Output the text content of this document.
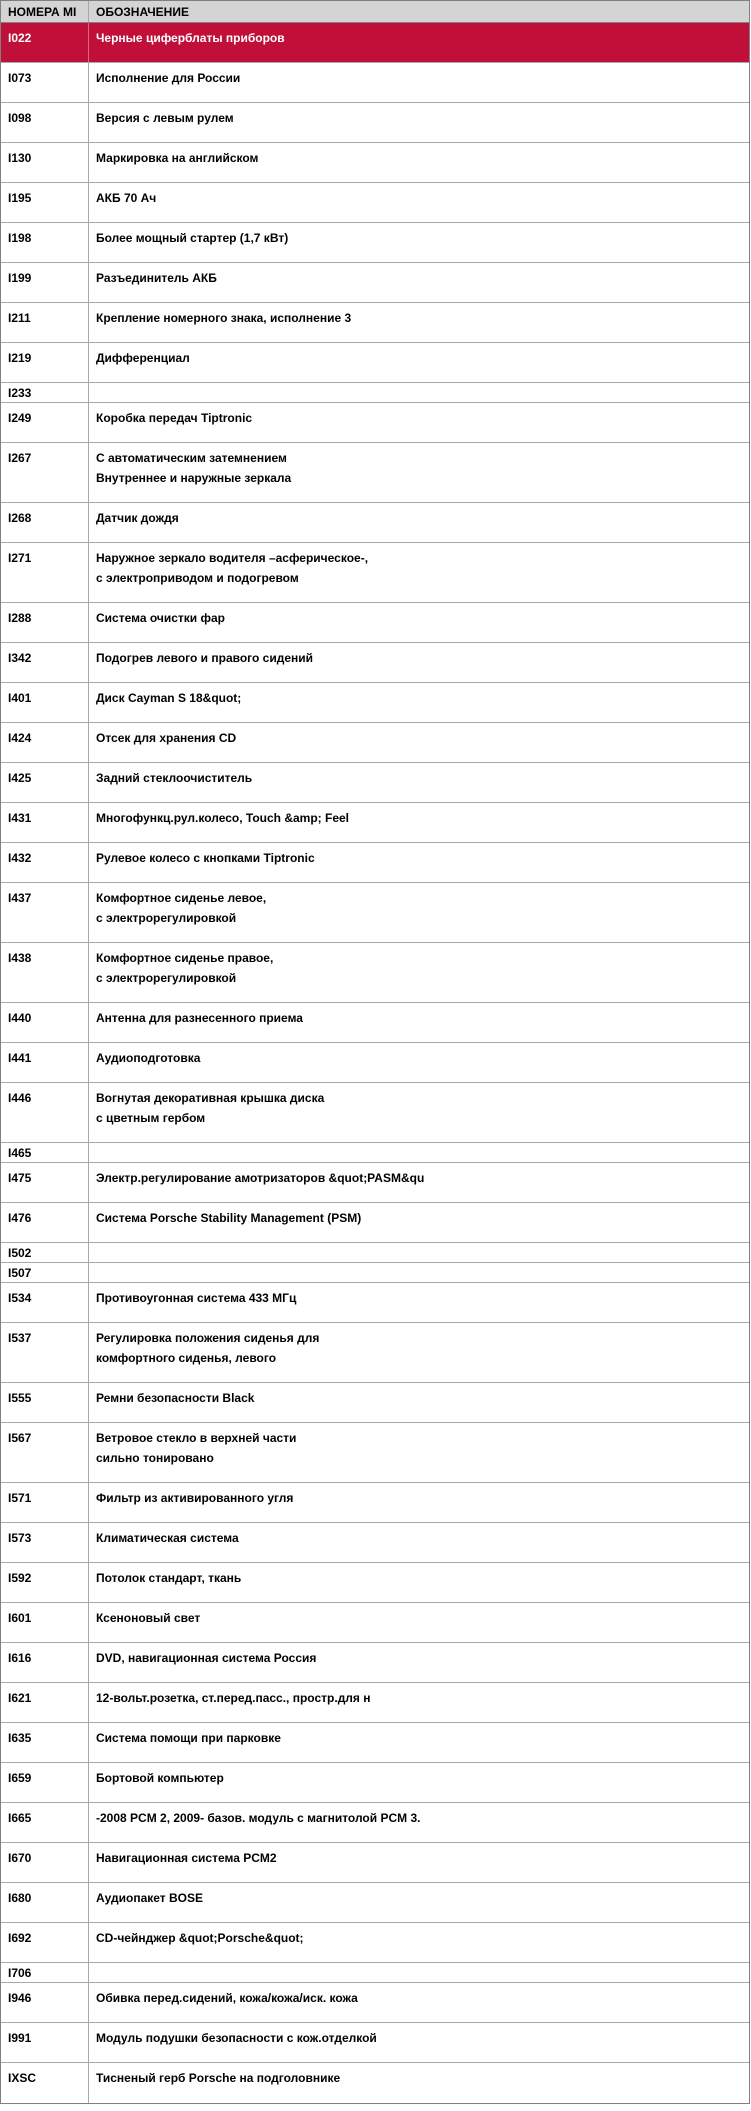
НОМЕРА MI	ОБОЗНАЧЕНИЕ
I022	Черные циферблаты приборов
I073	Исполнение для России
I098	Версия с левым рулем
I130	Маркировка на английском
I195	АКБ 70 Ач
I198	Более мощный стартер (1,7 кВт)
I199	Разъединитель АКБ
I211	Крепление номерного знака, исполнение 3
I219	Дифференциал
I233
I249	Коробка передач Tiptronic
I267	С автоматическим затемнением
Внутреннее и наружные зеркала
I268	Датчик дождя
I271	Наружное зеркало водителя –асферическое-,
с электроприводом и подогревом
I288	Система очистки фар
I342	Подогрев левого и правого сидений
I401	Диск Cayman S 18&quot;
I424	Отсек для хранения CD
I425	Задний стеклоочиститель
I431	Многофункц.рул.колесо, Touch &amp; Feel
I432	Рулевое колесо с кнопками Tiptronic
I437	Комфортное сиденье левое,
с электрорегулировкой
I438	Комфортное сиденье правое,
с электрорегулировкой
I440	Антенна для разнесенного приема
I441	Аудиоподготовка
I446	Вогнутая декоративная крышка диска
с цветным гербом
I465
I475	Электр.регулирование амотризаторов &quot;PASM&qu
I476	Система Porsche Stability Management (PSM)
I502
I507
I534	Противоугонная система 433 МГц
I537	Регулировка положения сиденья для
комфортного сиденья, левого
I555	Ремни безопасности Black
I567	Ветровое стекло в верхней части
сильно тонировано
I571	Фильтр из активированного угля
I573	Климатическая система
I592	Потолок стандарт, ткань
I601	Ксеноновый свет
I616	DVD, навигационная система Россия
I621	12-вольт.розетка, ст.перед.пасс., простр.для н
I635	Система помощи при парковке
I659	Бортовой компьютер
I665	-2008 PCM 2, 2009- базов. модуль с магнитолой PCM 3.
I670	Навигационная система PCM2
I680	Аудиопакет BOSE
I692	CD-чейнджер &quot;Porsche&quot;
I706
I946	Обивка перед.сидений, кожа/кожа/иск. кожа
I991	Модуль подушки безопасности с кож.отделкой
IXSC	Тисненый герб Porsche на подголовнике
